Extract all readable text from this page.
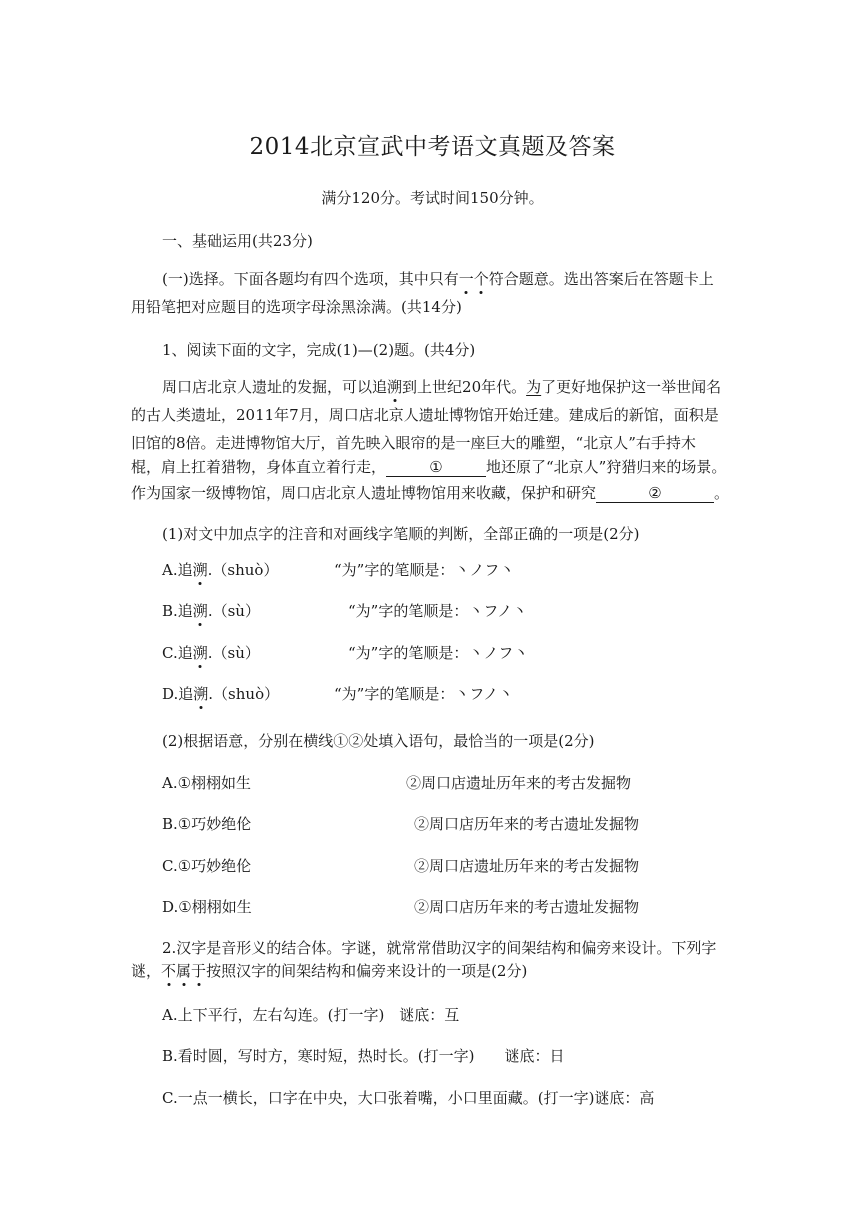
2014北京宣武中考语文真题及答案
满分120分。考试时间150分钟。
一、基础运用(共23分)
(一)选择。下面各题均有四个选项，其中只有一个符合题意。选出答案后在答题卡上
用铅笔把对应题目的选项字母涂黑涂满。(共14分)
1、阅读下面的文字，完成(1)—(2)题。(共4分)
周口店北京人遗址的发掘，可以追溯到上世纪20年代。为了更好地保护这一举世闻名
的古人类遗址，2011年7月，周口店北京人遗址博物馆开始迁建。建成后的新馆，面积是
旧馆的8倍。走进博物馆大厅，首先映入眼帘的是一座巨大的雕塑，“北京人”右手持木
棍，肩上扛着猎物，身体直立着行走，	①	地还原了“北京人”狩猎归来的场景。
作为国家一级博物馆，周口店北京人遗址博物馆用来收藏，保护和研究	②	。
(1)对文中加点字的注音和对画线字笔顺的判断，全部正确的一项是(2分)
A.追溯.（shuò）	“为”字的笔顺是：丶ノフ丶
B.追溯.（sù）	“为”字的笔顺是：丶フノ丶
C.追溯.（sù）	“为”字的笔顺是：丶ノフ丶
D.追溯.（shuò）	“为”字的笔顺是：丶フノ丶
(2)根据语意，分别在横线①②处填入语句，最恰当的一项是(2分)
A.①栩栩如生	②周口店遗址历年来的考古发掘物
B.①巧妙绝伦	②周口店历年来的考古遗址发掘物
C.①巧妙绝伦	②周口店遗址历年来的考古发掘物
D.①栩栩如生	②周口店历年来的考古遗址发掘物
2.汉字是音形义的结合体。字谜，就常常借助汉字的间架结构和偏旁来设计。下列字
谜，不属于按照汉字的间架结构和偏旁来设计的一项是(2分)
A.上下平行，左右勾连。(打一字)　谜底：互
B.看时圆，写时方，寒时短，热时长。(打一字)　　谜底：日
C.一点一横长，口字在中央，大口张着嘴，小口里面藏。(打一字)谜底：高
